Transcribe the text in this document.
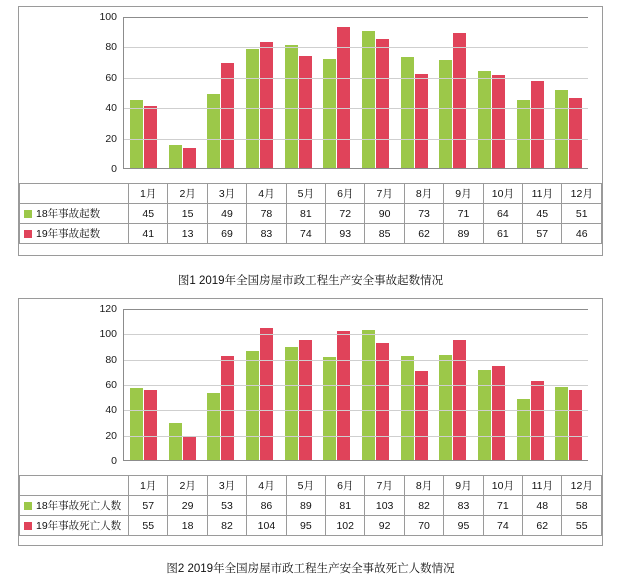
100
80
60
40
20
0
	1月	2月	3月	4月	5月	6月	7月	8月	9月	10月	11月	12月
18年事故起数	45	15	49	78	81	72	90	73	71	64	45	51
19年事故起数	41	13	69	83	74	93	85	62	89	61	57	46
图1 2019年全国房屋市政工程生产安全事故起数情况
120
100
80
60
40
20
0
	1月	2月	3月	4月	5月	6月	7月	8月	9月	10月	11月	12月
18年事故死亡人数	57	29	53	86	89	81	103	82	83	71	48	58
19年事故死亡人数	55	18	82	104	95	102	92	70	95	74	62	55
图2 2019年全国房屋市政工程生产安全事故死亡人数情况
